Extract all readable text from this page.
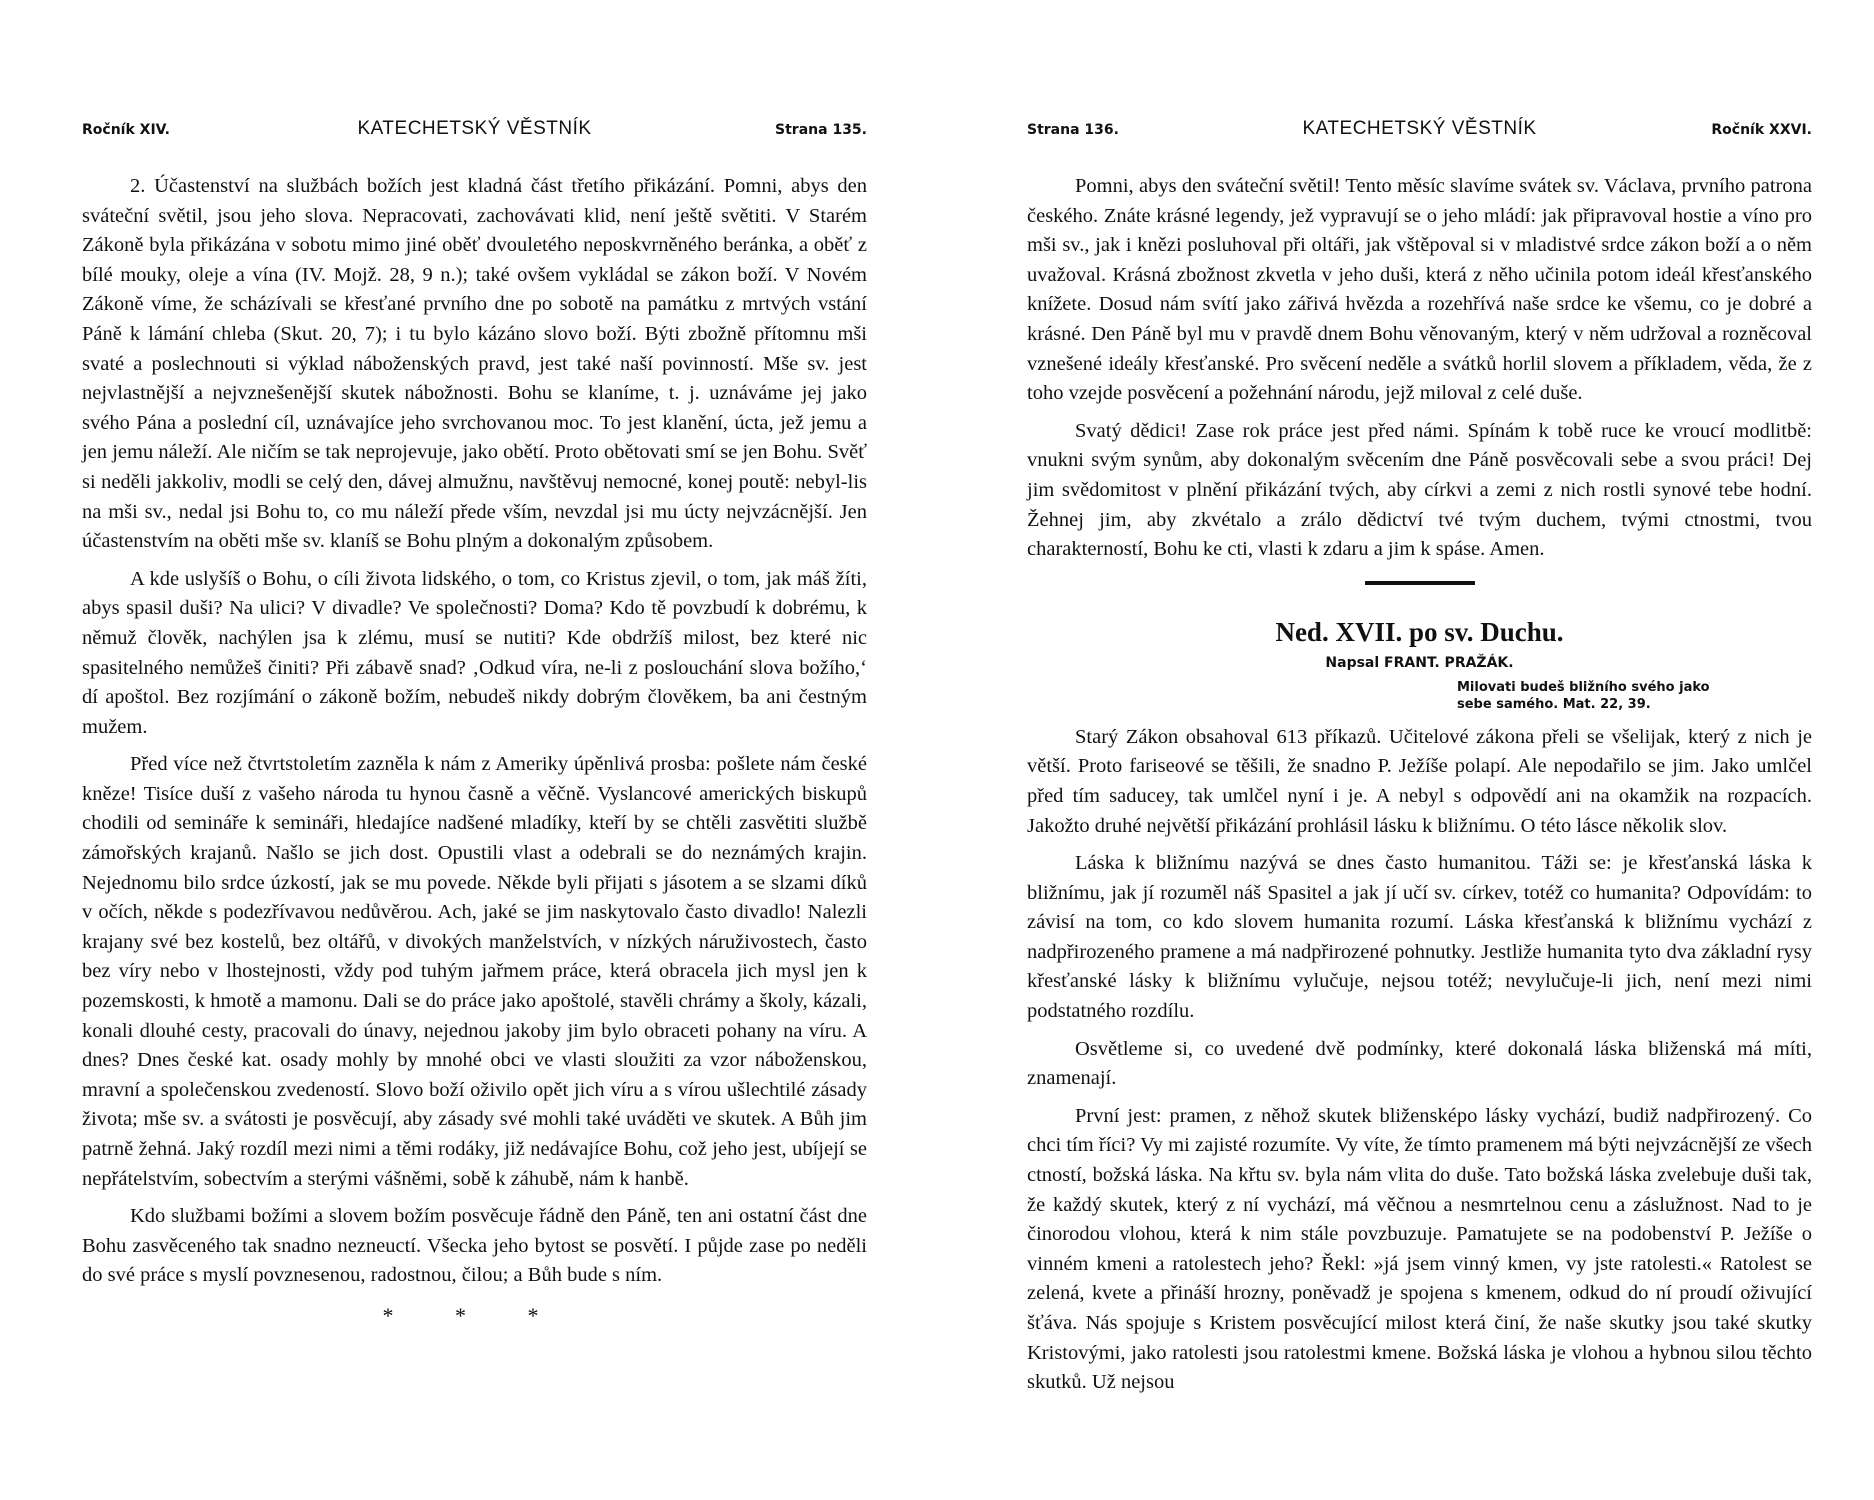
Ročník XIV.	KATECHETSKÝ VĚSTNÍK	Strana 135.

2. Účastenství na službách božích jest kladná část třetího přikázání. Pomni, abys den sváteční světil, jsou jeho slova. Nepracovati, zachovávati klid, není ještě světiti. V Starém Zákoně byla přikázána v sobotu mimo jiné oběť dvouletého neposkvrněného beránka, a oběť z bílé mouky, oleje a vína (IV. Mojž. 28, 9 n.); také ovšem vykládal se zákon boží. V Novém Zákoně víme, že scházívali se křesťané prvního dne po sobotě na památku z mrtvých vstání Páně k lámání chleba (Skut. 20, 7); i tu bylo kázáno slovo boží. Býti zbožně přítomnu mši svaté a poslechnouti si výklad náboženských pravd, jest také naší povinností. Mše sv. jest nejvlastnější a nejvznešenější skutek nábožnosti. Bohu se klaníme, t. j. uznáváme jej jako svého Pána a poslední cíl, uznávajíce jeho svrchovanou moc. To jest klanění, úcta, jež jemu a jen jemu náleží. Ale ničím se tak neprojevuje, jako obětí. Proto obětovati smí se jen Bohu. Svěť si neděli jakkoliv, modli se celý den, dávej almužnu, navštěvuj nemocné, konej poutě: nebyl-lis na mši sv., nedal jsi Bohu to, co mu náleží přede vším, nevzdal jsi mu úcty nejvzácnější. Jen účastenstvím na oběti mše sv. klaníš se Bohu plným a dokonalým způsobem.

A kde uslyšíš o Bohu, o cíli života lidského, o tom, co Kristus zjevil, o tom, jak máš žíti, abys spasil duši? Na ulici? V divadle? Ve společnosti? Doma? Kdo tě povzbudí k dobrému, k němuž člověk, nachýlen jsa k zlému, musí se nutiti? Kde obdržíš milost, bez které nic spasitelného nemůžeš činiti? Při zábavě snad? ‚Odkud víra, ne-li z poslouchání slova božího,‘ dí apoštol. Bez rozjímání o zákoně božím, nebudeš nikdy dobrým člověkem, ba ani čestným mužem.

Před více než čtvrtstoletím zazněla k nám z Ameriky úpěnlivá prosba: pošlete nám české kněze! Tisíce duší z vašeho národa tu hynou časně a věčně. Vyslancové amerických biskupů chodili od semináře k semináři, hledajíce nadšené mladíky, kteří by se chtěli zasvětiti službě zámořských krajanů. Našlo se jich dost. Opustili vlast a odebrali se do neznámých krajin. Nejednomu bilo srdce úzkostí, jak se mu povede. Někde byli přijati s jásotem a se slzami díků v očích, někde s podezřívavou nedůvěrou. Ach, jaké se jim naskytovalo často divadlo! Nalezli krajany své bez kostelů, bez oltářů, v divokých manželstvích, v nízkých náruživostech, často bez víry nebo v lhostejnosti, vždy pod tuhým jařmem práce, která obracela jich mysl jen k pozemskosti, k hmotě a mamonu. Dali se do práce jako apoštolé, stavěli chrámy a školy, kázali, konali dlouhé cesty, pracovali do únavy, nejednou jakoby jim bylo obraceti pohany na víru. A dnes? Dnes české kat. osady mohly by mnohé obci ve vlasti sloužiti za vzor náboženskou, mravní a společenskou zvedeností. Slovo boží oživilo opět jich víru a s vírou ušlechtilé zásady života; mše sv. a svátosti je posvěcují, aby zásady své mohli také uváděti ve skutek. A Bůh jim patrně žehná. Jaký rozdíl mezi nimi a těmi rodáky, již nedávajíce Bohu, což jeho jest, ubíjejí se nepřátelstvím, sobectvím a sterými vášněmi, sobě k záhubě, nám k hanbě.

Kdo službami božími a slovem božím posvěcuje řádně den Páně, ten ani ostatní část dne Bohu zasvěceného tak snadno nezneuctí. Všecka jeho bytost se posvětí. I půjde zase po neděli do své práce s myslí povznesenou, radostnou, čilou; a Bůh bude s ním.

* * *
Strana 136.	KATECHETSKÝ VĚSTNÍK	Ročník XXVI.

Pomni, abys den sváteční světil! Tento měsíc slavíme svátek sv. Václava, prvního patrona českého. Znáte krásné legendy, jež vypravují se o jeho mládí: jak připravoval hostie a víno pro mši sv., jak i knězi posluhoval při oltáři, jak vštěpoval si v mladistvé srdce zákon boží a o něm uvažoval. Krásná zbožnost zkvetla v jeho duši, která z něho učinila potom ideál křesťanského knížete. Dosud nám svítí jako zářivá hvězda a rozehřívá naše srdce ke všemu, co je dobré a krásné. Den Páně byl mu v pravdě dnem Bohu věnovaným, který v něm udržoval a rozněcoval vznešené ideály křesťanské. Pro svěcení neděle a svátků horlil slovem a příkladem, věda, že z toho vzejde posvěcení a požehnání národu, jejž miloval z celé duše.

Svatý dědici! Zase rok práce jest před námi. Spínám k tobě ruce ke vroucí modlitbě: vnukni svým synům, aby dokonalým svěcením dne Páně posvěcovali sebe a svou práci! Dej jim svědomitost v plnění přikázání tvých, aby církvi a zemi z nich rostli synové tebe hodní. Žehnej jim, aby zkvétalo a zrálo dědictví tvé tvým duchem, tvými ctnostmi, tvou charakterností, Bohu ke cti, vlasti k zdaru a jim k spáse. Amen.

Ned. XVII. po sv. Duchu.
Napsal FRANT. PRAŽÁK.
Milovati budeš bližního svého jako
sebe samého. Mat. 22, 39.

Starý Zákon obsahoval 613 příkazů. Učitelové zákona přeli se všelijak, který z nich je větší. Proto fariseové se těšili, že snadno P. Ježíše polapí. Ale nepodařilo se jim. Jako umlčel před tím saducey, tak umlčel nyní i je. A nebyl s odpovědí ani na okamžik na rozpacích. Jakožto druhé největší přikázání prohlásil lásku k bližnímu. O této lásce několik slov.

Láska k bližnímu nazývá se dnes často humanitou. Táži se: je křesťanská láska k bližnímu, jak jí rozuměl náš Spasitel a jak jí učí sv. církev, totéž co humanita? Odpovídám: to závisí na tom, co kdo slovem humanita rozumí. Láska křesťanská k bližnímu vychází z nadpřirozeného pramene a má nadpřirozené pohnutky. Jestliže humanita tyto dva základní rysy křesťanské lásky k bližnímu vylučuje, nejsou totéž; nevylučuje-li jich, není mezi nimi podstatného rozdílu.

Osvětleme si, co uvedené dvě podmínky, které dokonalá láska bliženská má míti, znamenají.

První jest: pramen, z něhož skutek bližensképo lásky vychází, budiž nadpřirozený. Co chci tím říci? Vy mi zajisté rozumíte. Vy víte, že tímto pramenem má býti nejvzácnější ze všech ctností, božská láska. Na křtu sv. byla nám vlita do duše. Tato božská láska zvelebuje duši tak, že každý skutek, který z ní vychází, má věčnou a nesmrtelnou cenu a záslužnost. Nad to je činorodou vlohou, která k nim stále povzbuzuje. Pamatujete se na podobenství P. Ježíše o vinném kmeni a ratolestech jeho? Řekl: »já jsem vinný kmen, vy jste ratolesti.« Ratolest se zelená, kvete a přináší hrozny, poněvadž je spojena s kmenem, odkud do ní proudí oživující šťáva. Nás spojuje s Kristem posvěcující milost která činí, že naše skutky jsou také skutky Kristovými, jako ratolesti jsou ratolestmi kmene. Božská láska je vlohou a hybnou silou těchto skutků. Už nejsou
